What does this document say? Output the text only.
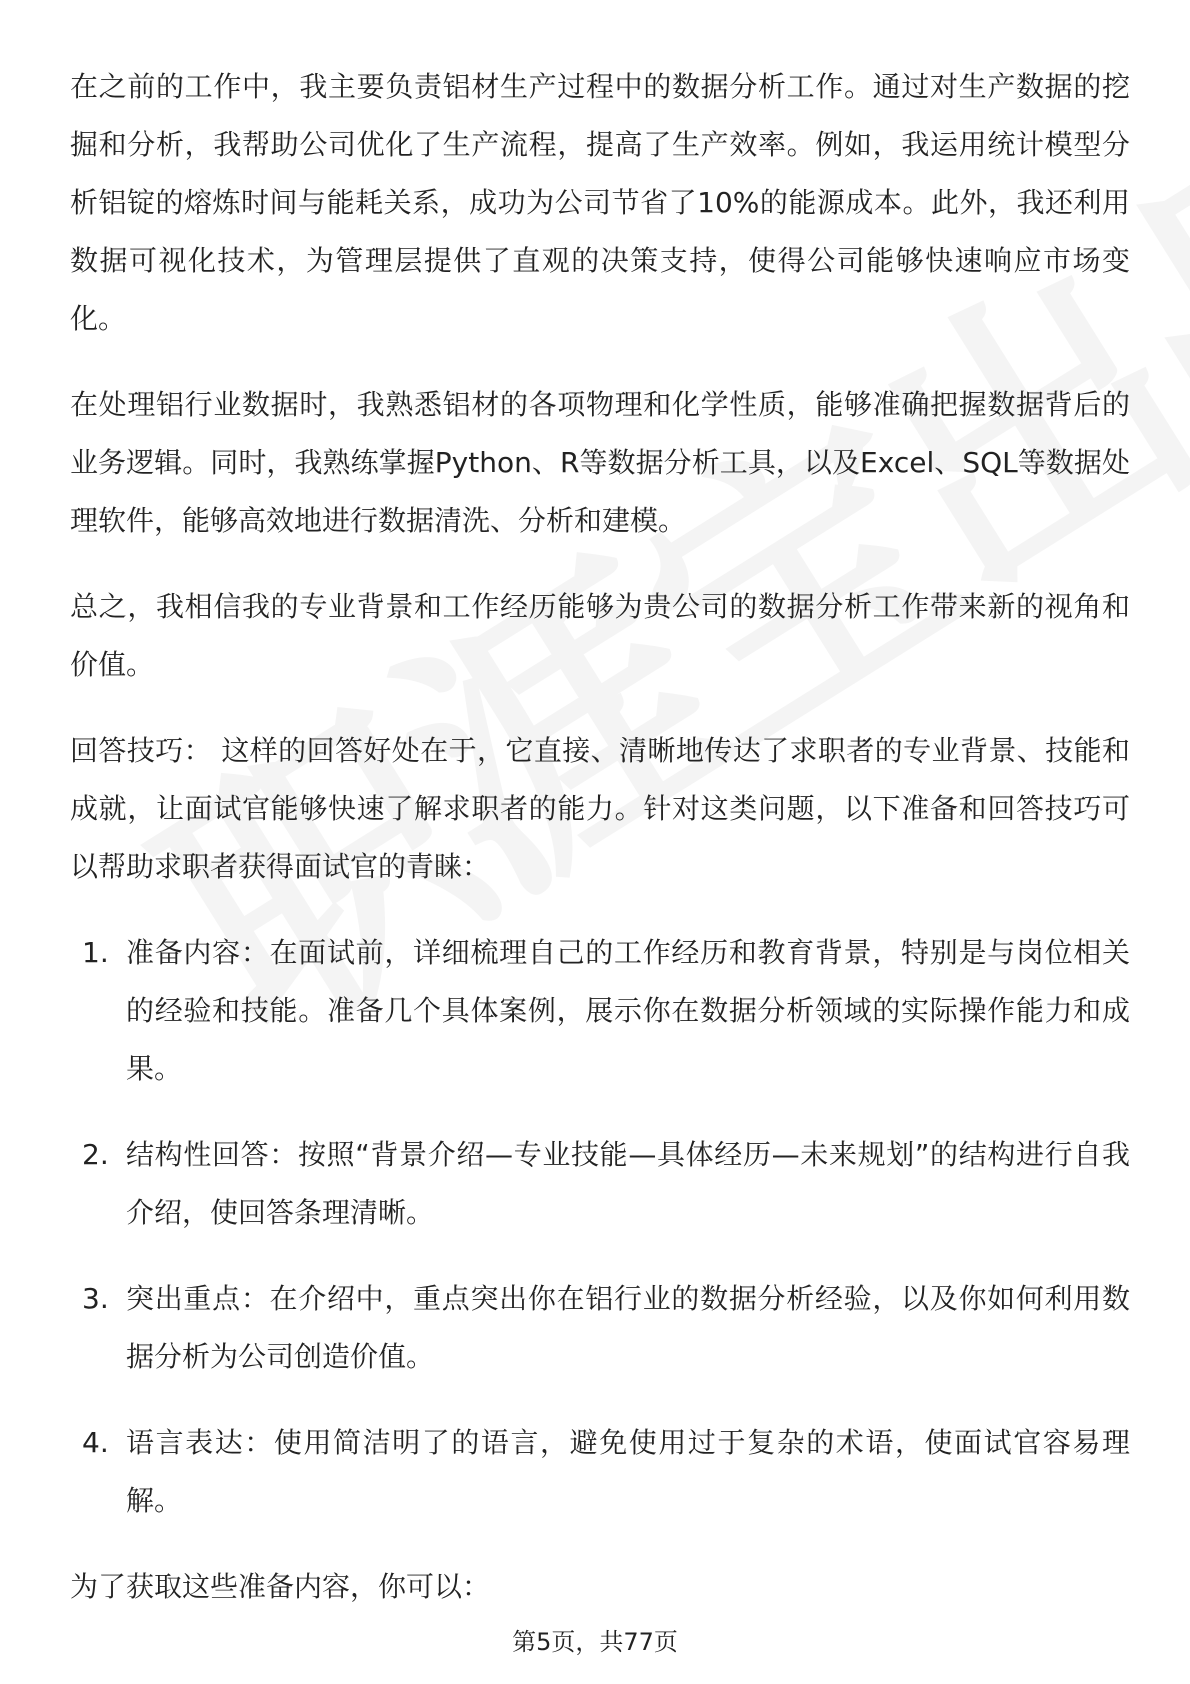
在之前的工作中，我主要负责铝材生产过程中的数据分析工作。通过对生产数据的挖掘和分析，我帮助公司优化了生产流程，提高了生产效率。例如，我运用统计模型分析铝锭的熔炼时间与能耗关系，成功为公司节省了10%的能源成本。此外，我还利用数据可视化技术，为管理层提供了直观的决策支持，使得公司能够快速响应市场变化。

在处理铝行业数据时，我熟悉铝材的各项物理和化学性质，能够准确把握数据背后的业务逻辑。同时，我熟练掌握Python、R等数据分析工具，以及Excel、SQL等数据处理软件，能够高效地进行数据清洗、分析和建模。

总之，我相信我的专业背景和工作经历能够为贵公司的数据分析工作带来新的视角和价值。

回答技巧： 这样的回答好处在于，它直接、清晰地传达了求职者的专业背景、技能和成就，让面试官能够快速了解求职者的能力。针对这类问题，以下准备和回答技巧可以帮助求职者获得面试官的青睐：

1. 准备内容：在面试前，详细梳理自己的工作经历和教育背景，特别是与岗位相关的经验和技能。准备几个具体案例，展示你在数据分析领域的实际操作能力和成果。
2. 结构性回答：按照“背景介绍—专业技能—具体经历—未来规划”的结构进行自我介绍，使回答条理清晰。
3. 突出重点：在介绍中，重点突出你在铝行业的数据分析经验，以及你如何利用数据分析为公司创造价值。
4. 语言表达：使用简洁明了的语言，避免使用过于复杂的术语，使面试官容易理解。

为了获取这些准备内容，你可以：

第5页，共77页
